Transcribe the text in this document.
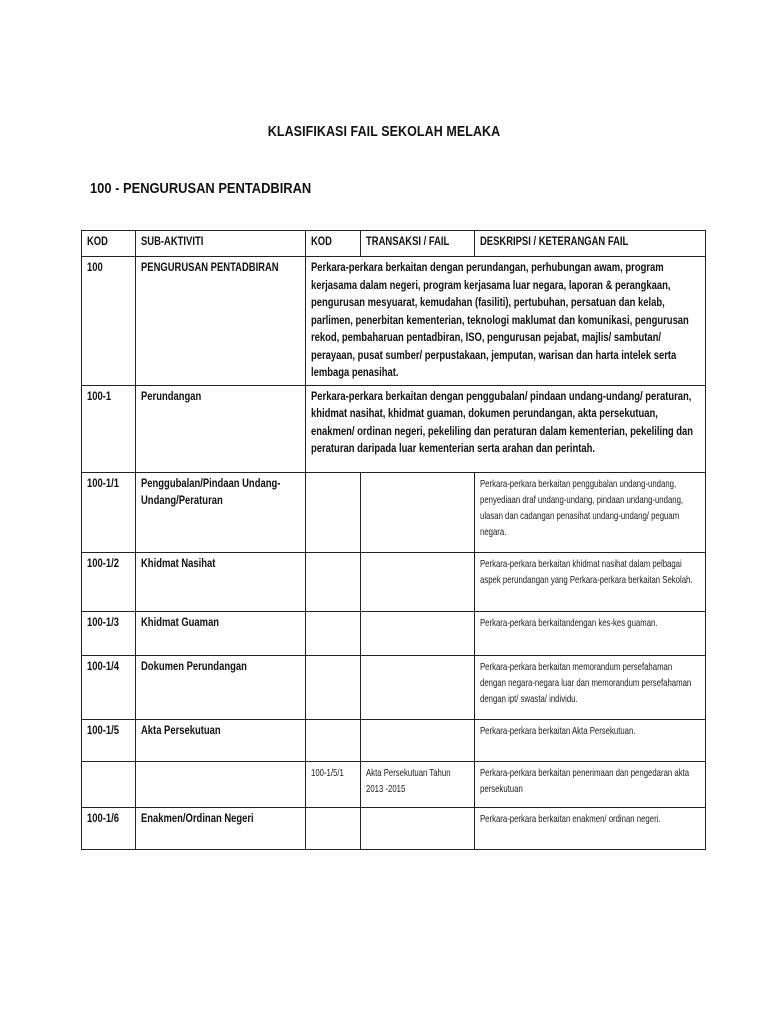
KLASIFIKASI FAIL SEKOLAH MELAKA
100 - PENGURUSAN PENTADBIRAN
KOD	SUB-AKTIVITI	KOD	TRANSAKSI / FAIL	DESKRIPSI / KETERANGAN FAIL

100	PENGURUSAN PENTADBIRAN	Perkara-perkara berkaitan dengan perundangan, perhubungan awam, program kerjasama dalam negeri, program kerjasama luar negara, laporan & perangkaan, pengurusan mesyuarat, kemudahan (fasiliti), pertubuhan, persatuan dan kelab, parlimen, penerbitan kementerian, teknologi maklumat dan komunikasi, pengurusan rekod, pembaharuan pentadbiran, ISO, pengurusan pejabat, majlis/ sambutan/ perayaan, pusat sumber/ perpustakaan, jemputan, warisan dan harta intelek serta lembaga penasihat.		

100-1	Perundangan	Perkara-perkara berkaitan dengan penggubalan/ pindaan undang-undang/ peraturan, khidmat nasihat, khidmat guaman, dokumen perundangan, akta persekutuan, enakmen/ ordinan negeri, pekeliling dan peraturan dalam kementerian, pekeliling dan peraturan daripada luar kementerian serta arahan dan perintah.		

100-1/1	Penggubalan/Pindaan Undang-Undang/Peraturan			Perkara-perkara berkaitan penggubalan undang-undang, penyediaan draf undang-undang, pindaan undang-undang, ulasan dan cadangan penasihat undang-undang/ peguam negara.

100-1/2	Khidmat Nasihat			Perkara-perkara berkaitan khidmat nasihat dalam pelbagai aspek perundangan yang Perkara-perkara berkaitan Sekolah.

100-1/3	Khidmat Guaman			Perkara-perkara berkaitandengan kes-kes guaman.

100-1/4	Dokumen Perundangan			Perkara-perkara berkaitan memorandum persefahaman dengan negara-negara luar dan memorandum persefahaman dengan ipt/ swasta/ individu.

100-1/5	Akta Persekutuan			Perkara-perkara berkaitan Akta Persekutuan.

		100-1/5/1	Akta Persekutuan Tahun 2013 -2015	Perkara-perkara berkaitan penerimaan dan pengedaran akta persekutuan

100-1/6	Enakmen/Ordinan Negeri			Perkara-perkara berkaitan enakmen/ ordinan negeri.
